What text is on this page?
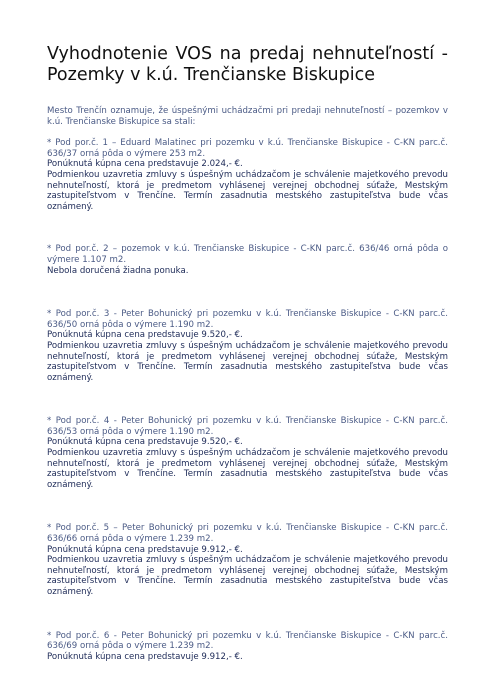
Vyhodnotenie VOS na predaj nehnuteľností - Pozemky v k.ú. Trenčianske Biskupice

Mesto Trenčín oznamuje, že úspešnými uchádzačmi pri predaji nehnuteľností – pozemkov v k.ú. Trenčianske Biskupice sa stali:

* Pod por.č. 1 – Eduard Malatinec pri pozemku v k.ú. Trenčianske Biskupice - C-KN parc.č. 636/37 orná pôda o výmere 253 m2.
Ponúknutá kúpna cena predstavuje 2.024,- €.
Podmienkou uzavretia zmluvy s úspešným uchádzačom je schválenie majetkového prevodu nehnuteľností, ktorá je predmetom vyhlásenej verejnej obchodnej súťaže, Mestským zastupiteľstvom v Trenčíne. Termín zasadnutia mestského zastupiteľstva bude včas oznámený.
* Pod por.č. 2 – pozemok v k.ú. Trenčianske Biskupice - C-KN parc.č. 636/46 orná pôda o výmere 1.107 m2.
Nebola doručená žiadna ponuka.
* Pod por.č. 3 - Peter Bohunický pri pozemku v k.ú. Trenčianske Biskupice - C-KN parc.č. 636/50 orná pôda o výmere 1.190 m2.
Ponúknutá kúpna cena predstavuje 9.520,- €.
Podmienkou uzavretia zmluvy s úspešným uchádzačom je schválenie majetkového prevodu nehnuteľností, ktorá je predmetom vyhlásenej verejnej obchodnej súťaže, Mestským zastupiteľstvom v Trenčíne. Termín zasadnutia mestského zastupiteľstva bude včas oznámený.
* Pod por.č. 4 - Peter Bohunický pri pozemku v k.ú. Trenčianske Biskupice - C-KN parc.č. 636/53 orná pôda o výmere 1.190 m2.
Ponúknutá kúpna cena predstavuje 9.520,- €.
Podmienkou uzavretia zmluvy s úspešným uchádzačom je schválenie majetkového prevodu nehnuteľností, ktorá je predmetom vyhlásenej verejnej obchodnej súťaže, Mestským zastupiteľstvom v Trenčíne. Termín zasadnutia mestského zastupiteľstva bude včas oznámený.
* Pod por.č. 5 – Peter Bohunický pri pozemku v k.ú. Trenčianske Biskupice - C-KN parc.č. 636/66 orná pôda o výmere 1.239 m2.
Ponúknutá kúpna cena predstavuje 9.912,- €.
Podmienkou uzavretia zmluvy s úspešným uchádzačom je schválenie majetkového prevodu nehnuteľností, ktorá je predmetom vyhlásenej verejnej obchodnej súťaže, Mestským zastupiteľstvom v Trenčíne. Termín zasadnutia mestského zastupiteľstva bude včas oznámený.
* Pod por.č. 6 - Peter Bohunický pri pozemku v k.ú. Trenčianske Biskupice - C-KN parc.č. 636/69 orná pôda o výmere 1.239 m2.
Ponúknutá kúpna cena predstavuje 9.912,- €.
